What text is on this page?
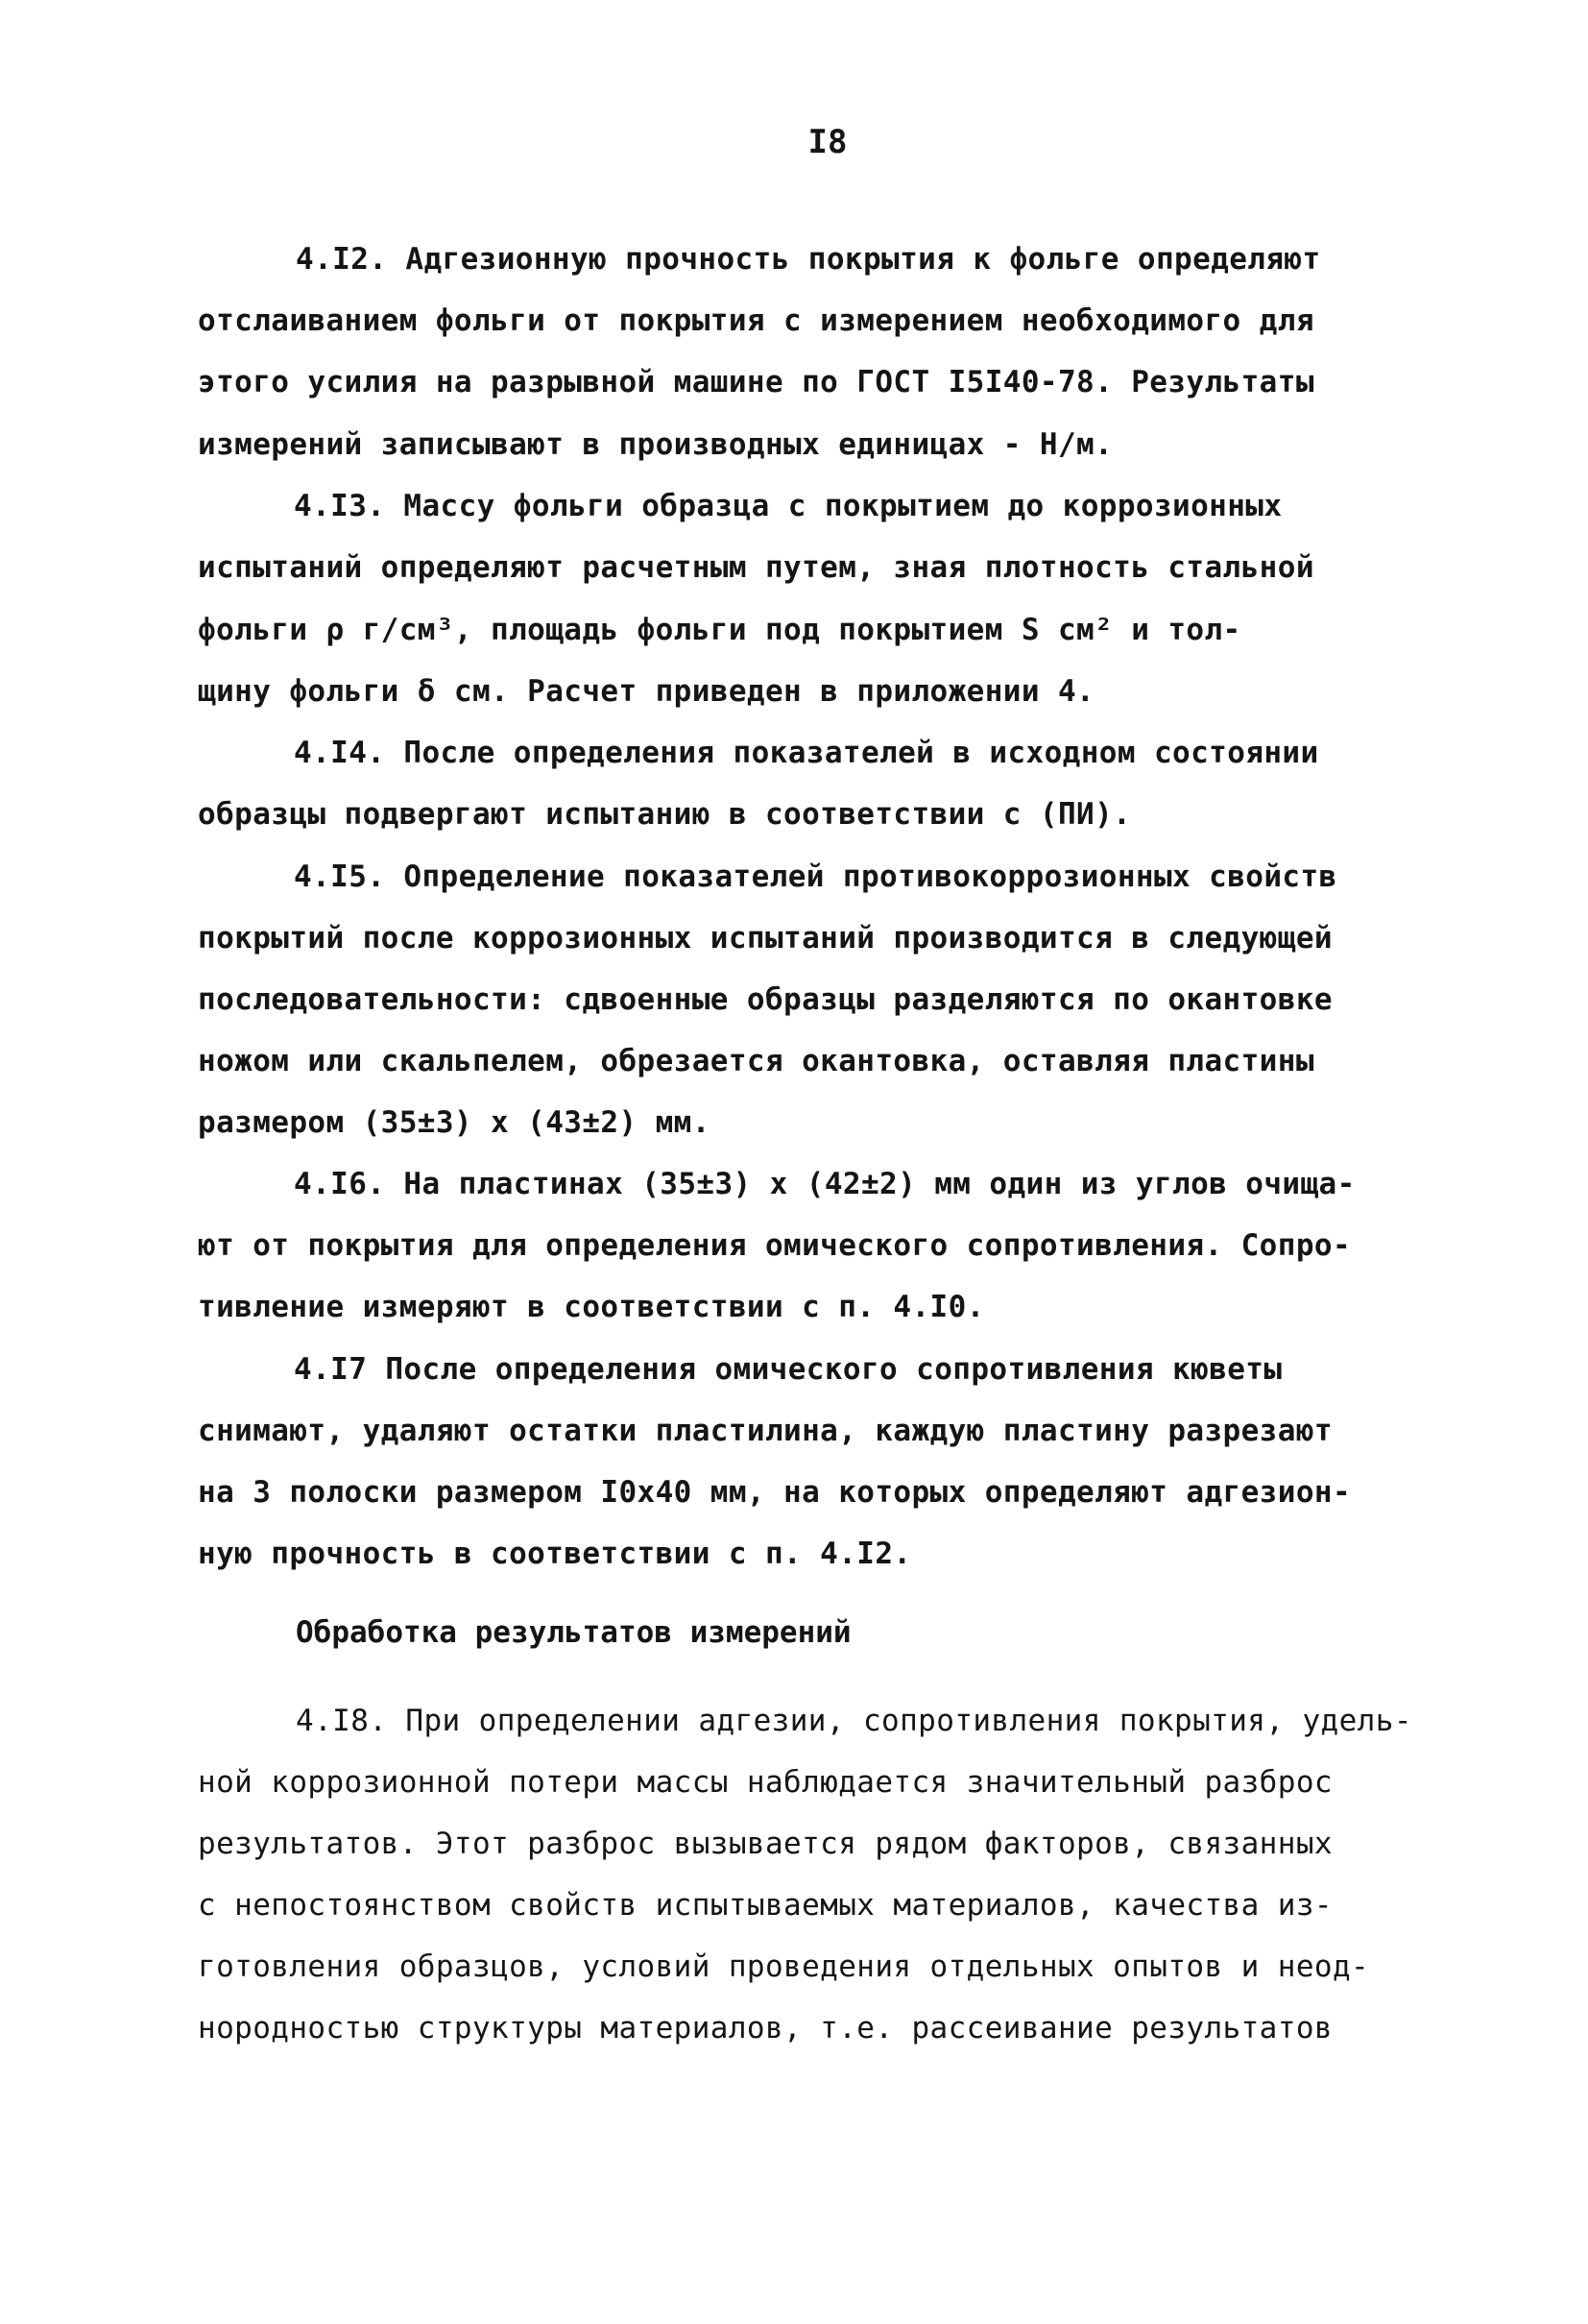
I8
4.I2. Адгезионную прочность покрытия к фольге определяют
отслаиванием фольги от покрытия с измерением необходимого для
этого усилия на разрывной машине по ГОСТ I5I40-78. Результаты
измерений записывают в производных единицах - Н/м.
4.I3. Массу фольги образца с покрытием до коррозионных
испытаний определяют расчетным путем, зная плотность стальной
фольги ρ г/см³, площадь фольги под покрытием S см² и тол-
щину фольги δ см. Расчет приведен в приложении 4.
4.I4. После определения показателей в исходном состоянии
образцы подвергают испытанию в соответствии с (ПИ).
4.I5. Определение показателей противокоррозионных свойств
покрытий после коррозионных испытаний производится в следующей
последовательности: сдвоенные образцы разделяются по окантовке
ножом или скальпелем, обрезается окантовка, оставляя пластины
размером (35±3) х (43±2) мм.
4.I6. На пластинах (35±3) х (42±2) мм один из углов очища-
ют от покрытия для определения омического сопротивления. Сопро-
тивление измеряют в соответствии с п. 4.I0.
4.I7 После определения омического сопротивления кюветы
снимают, удаляют остатки пластилина, каждую пластину разрезают
на 3 полоски размером I0x40 мм, на которых определяют адгезион-
ную прочность в соответствии с п. 4.I2.
Обработка результатов измерений
4.I8. При определении адгезии, сопротивления покрытия, удель-
ной коррозионной потери массы наблюдается значительный разброс
результатов. Этот разброс вызывается рядом факторов, связанных
с непостоянством свойств испытываемых материалов, качества из-
готовления образцов, условий проведения отдельных опытов и неод-
нородностью структуры материалов, т.е. рассеивание результатов
